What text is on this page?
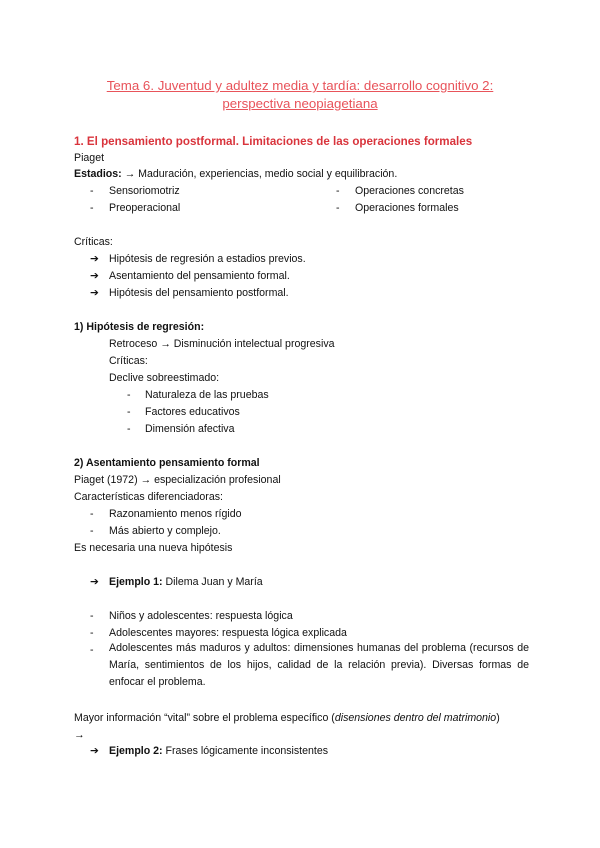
Tema 6. Juventud y adultez media y tardía: desarrollo cognitivo 2:
perspectiva neopiagetiana
1. El pensamiento postformal. Limitaciones de las operaciones formales
Piaget
Estadios: → Maduración, experiencias, medio social y equilibración.
- Sensoriomotriz
- Preoperacional
- Operaciones concretas
- Operaciones formales
Críticas:
➔ Hipótesis de regresión a estadios previos.
➔ Asentamiento del pensamiento formal.
➔ Hipótesis del pensamiento postformal.
1) Hipótesis de regresión:
Retroceso → Disminución intelectual progresiva
Críticas:
Declive sobreestimado:
- Naturaleza de las pruebas
- Factores educativos
- Dimensión afectiva
2) Asentamiento pensamiento formal
Piaget (1972) → especialización profesional
Características diferenciadoras:
- Razonamiento menos rígido
- Más abierto y complejo.
Es necesaria una nueva hipótesis
➔ Ejemplo 1: Dilema Juan y María
- Niños y adolescentes: respuesta lógica
- Adolescentes mayores: respuesta lógica explicada
- Adolescentes más maduros y adultos: dimensiones humanas del problema (recursos de María, sentimientos de los hijos, calidad de la relación previa). Diversas formas de enfocar el problema.
Mayor información “vital” sobre el problema específico (disensiones dentro del matrimonio)
→
➔ Ejemplo 2: Frases lógicamente inconsistentes
